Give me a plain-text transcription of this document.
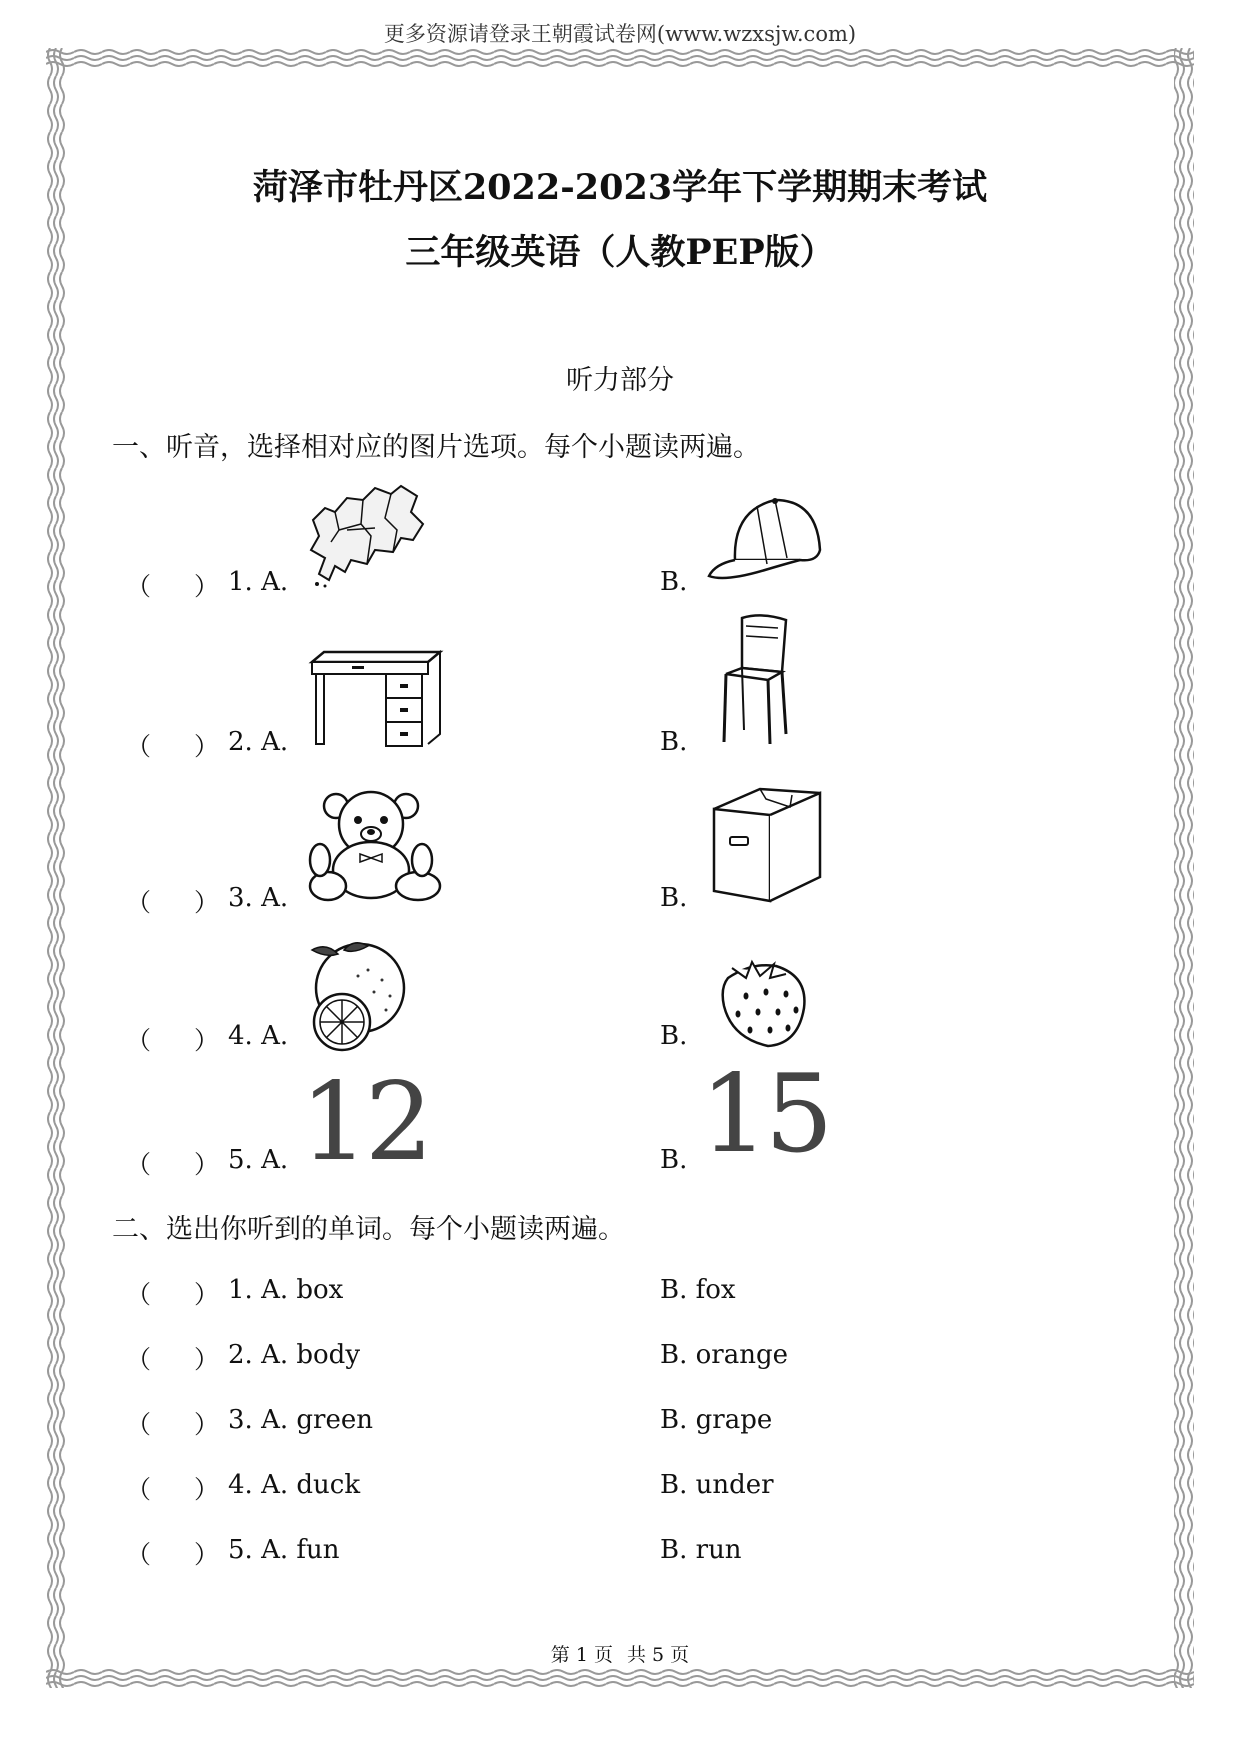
更多资源请登录王朝霞试卷网(www.wzxsjw.com)
菏泽市牡丹区2022-2023学年下学期期末考试
三年级英语（人教PEP版）
听力部分
一、听音，选择相对应的图片选项。每个小题读两遍。
（ ） 1. A.	B.
（ ） 2. A.	B.
（ ） 3. A.	B.
（ ） 4. A.	B.
（ ） 5. A. 12	B. 15
二、选出你听到的单词。每个小题读两遍。
（ ） 1. A. box	B. fox
（ ） 2. A. body	B. orange
（ ） 3. A. green	B. grape
（ ） 4. A. duck	B. under
（ ） 5. A. fun	B. run
第 1 页 共 5 页
